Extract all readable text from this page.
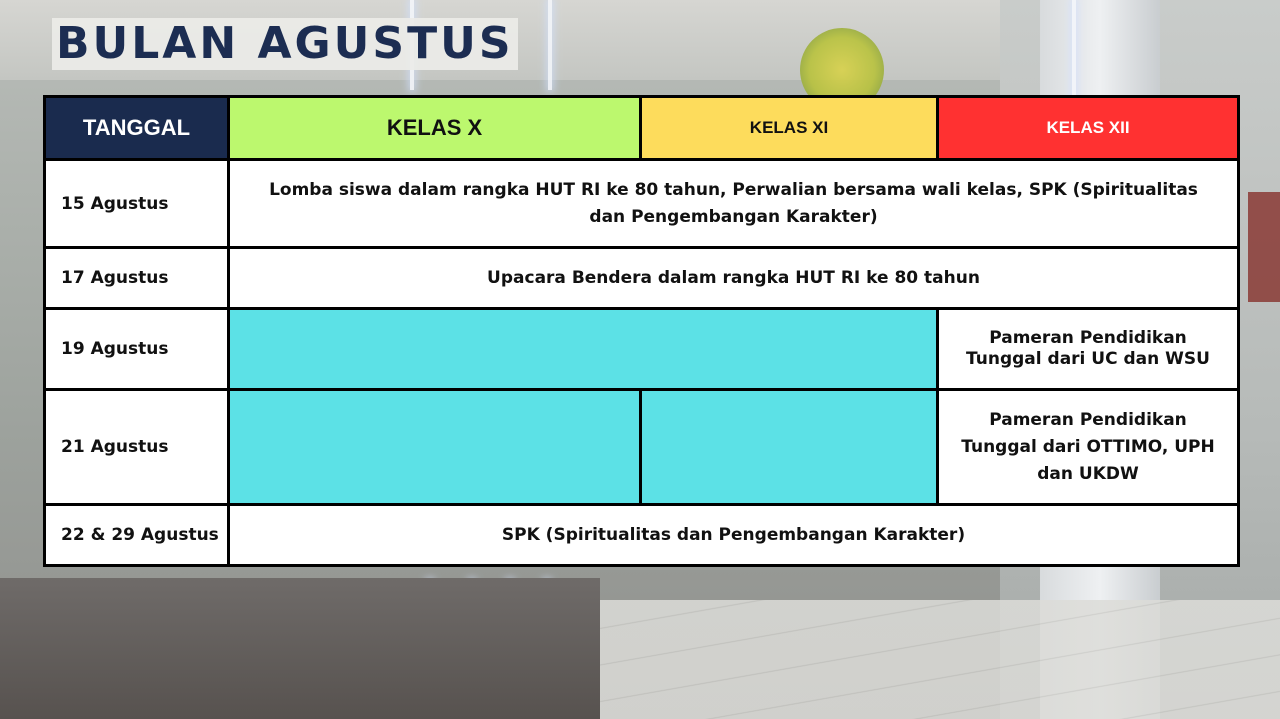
BULAN AGUSTUS
TANGGAL	KELAS X	KELAS XI	KELAS XII
15 Agustus	Lomba siswa dalam rangka HUT RI ke 80 tahun, Perwalian bersama wali kelas, SPK (Spiritualitas dan Pengembangan Karakter)		
17 Agustus	Upacara Bendera dalam rangka HUT RI ke 80 tahun		
19 Agustus			Pameran Pendidikan Tunggal dari UC dan WSU
21 Agustus			Pameran Pendidikan Tunggal dari OTTIMO, UPH dan UKDW
22 & 29 Agustus	SPK (Spiritualitas dan Pengembangan Karakter)		
